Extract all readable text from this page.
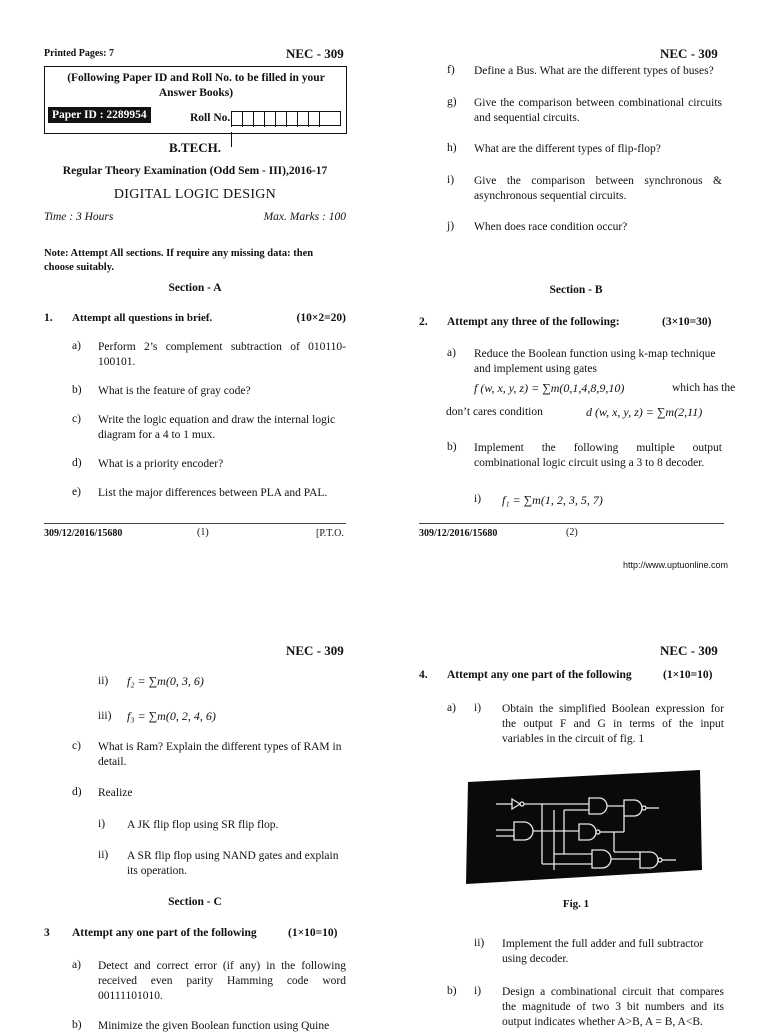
Printed Pages: 7	NEC - 309
(Following Paper ID and Roll No. to be filled in your Answer Books)
Paper ID : 2289954	Roll No.
B.TECH.
Regular Theory Examination (Odd Sem - III),2016-17
DIGITAL LOGIC DESIGN
Time : 3 Hours	Max. Marks : 100
Note: Attempt All sections. If require any missing data: then choose suitably.
Section - A
1. Attempt all questions in brief.	(10×2=20)
a) Perform 2’s complement subtraction of 010110-100101.
b) What is the feature of gray code?
c) Write the logic equation and draw the internal logic diagram for a 4 to 1 mux.
d) What is a priority encoder?
e) List the major differences between PLA and PAL.
309/12/2016/15680	(1)	[P.T.O.
NEC - 309
f) Define a Bus. What are the different types of buses?
g) Give the comparison between combinational circuits and sequential circuits.
h) What are the different types of flip-flop?
i) Give the comparison between synchronous & asynchronous sequential circuits.
j) When does race condition occur?
Section - B
2. Attempt any three of the following:	(3×10=30)
a) Reduce the Boolean function using k-map technique and implement using gates
f (w, x, y, z) = ∑m(0,1,4,8,9,10)	which has the
don’t cares condition	d (w, x, y, z) = ∑m(2,11)
b) Implement the following multiple output combinational logic circuit using a 3 to 8 decoder.
i) f₁ = ∑m(1, 2, 3, 5, 7)
309/12/2016/15680	(2)
http://www.uptuonline.com
NEC - 309
ii) f₂ = ∑m(0, 3, 6)
iii) f₃ = ∑m(0, 2, 4, 6)
c) What is Ram? Explain the different types of RAM in detail.
d) Realize
i) A JK flip flop using SR flip flop.
ii) A SR flip flop using NAND gates and explain its operation.
Section - C
3 Attempt any one part of the following	(1×10=10)
a) Detect and correct error (if any) in the following received even parity Hamming code word 00111101010.
b) Minimize the given Boolean function using Quine
NEC - 309
4. Attempt any one part of the following	(1×10=10)
a) i) Obtain the simplified Boolean expression for the output F and G in terms of the input variables in the circuit of fig. 1
Fig. 1
ii) Implement the full adder and full subtractor using decoder.
b) i) Design a combinational circuit that compares the magnitude of two 3 bit numbers and its output indicates whether A>B, A = B, A<B.
